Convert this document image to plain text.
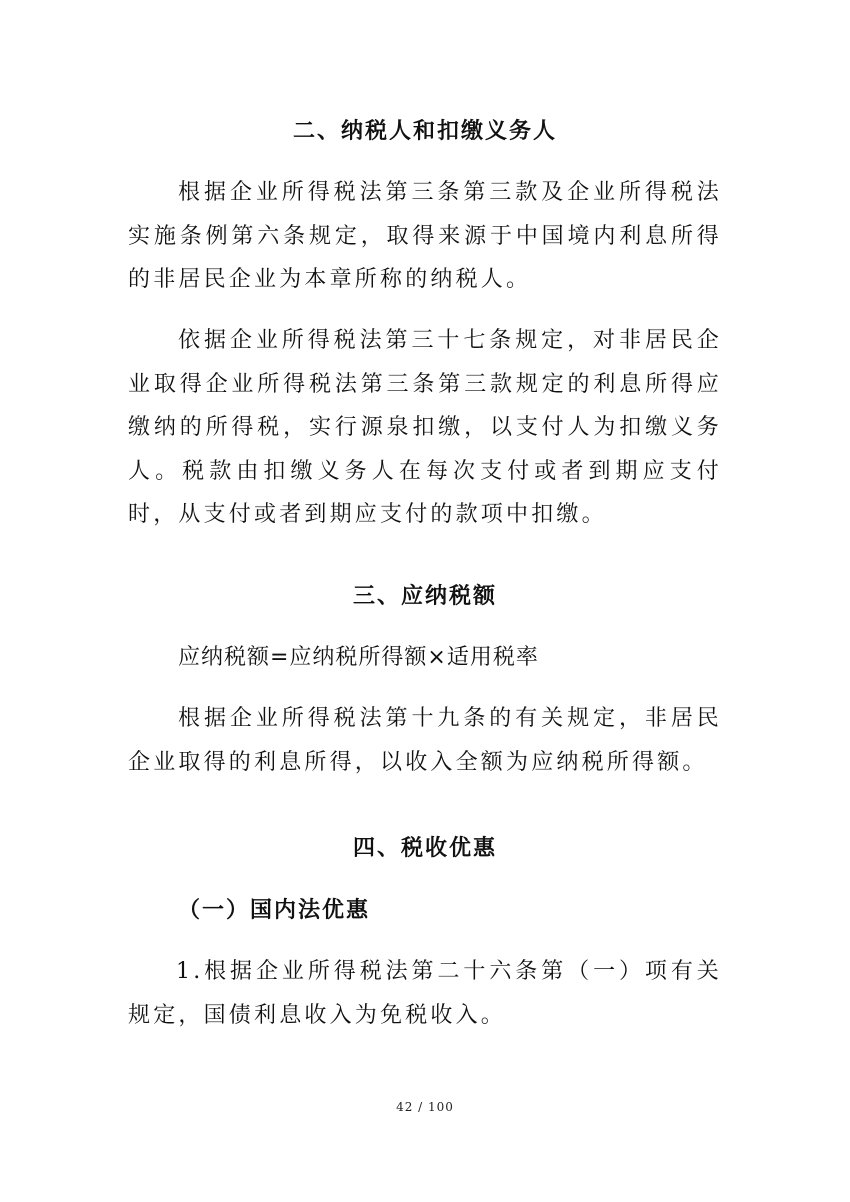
二、纳税人和扣缴义务人
根据企业所得税法第三条第三款及企业所得税法实施条例第六条规定，取得来源于中国境内利息所得的非居民企业为本章所称的纳税人。
依据企业所得税法第三十七条规定，对非居民企业取得企业所得税法第三条第三款规定的利息所得应缴纳的所得税，实行源泉扣缴，以支付人为扣缴义务人。税款由扣缴义务人在每次支付或者到期应支付时，从支付或者到期应支付的款项中扣缴。
三、应纳税额
应纳税额=应纳税所得额×适用税率
根据企业所得税法第十九条的有关规定，非居民企业取得的利息所得，以收入全额为应纳税所得额。
四、税收优惠
（一）国内法优惠
1.根据企业所得税法第二十六条第（一）项有关规定，国债利息收入为免税收入。
42 / 100
